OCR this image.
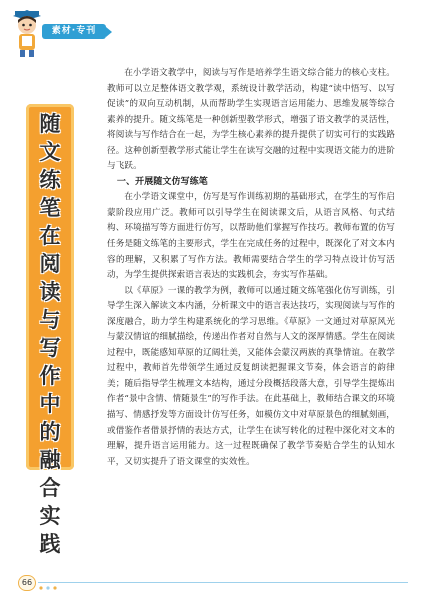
素材·专刊
随
文
练
笔
在
阅
读
与
写
作
中
的
融
合
实
践

在小学语文教学中，阅读与写作是培养学生语文综合能力的核心支柱。教师可以立足整体语文教学观，系统设计教学活动，构建“读中悟写、以写促读”的双向互动机制，从而帮助学生实现语言运用能力、思维发展等综合素养的提升。随文练笔是一种创新型教学形式，增强了语文教学的灵活性，将阅读与写作结合在一起，为学生核心素养的提升提供了切实可行的实践路径。这种创新型教学形式能让学生在读写交融的过程中实现语文能力的进阶与飞跃。

一、开展随文仿写练笔

在小学语文课堂中，仿写是写作训练初期的基础形式，在学生的写作启蒙阶段应用广泛。教师可以引导学生在阅读课文后，从语言风格、句式结构、环境描写等方面进行仿写，以帮助他们掌握写作技巧。教师布置的仿写任务是随文练笔的主要形式，学生在完成任务的过程中，既深化了对文本内容的理解，又积累了写作方法。教师需要结合学生的学习特点设计仿写活动，为学生提供探索语言表达的实践机会，夯实写作基础。

以《草原》一课的教学为例，教师可以通过随文练笔强化仿写训练，引导学生深入解读文本内涵，分析课文中的语言表达技巧，实现阅读与写作的深度融合，助力学生构建系统化的学习思维。《草原》一文通过对草原风光与蒙汉情谊的细腻描绘，传递出作者对自然与人文的深厚情感。学生在阅读过程中，既能感知草原的辽阔壮美，又能体会蒙汉两族的真挚情谊。在教学过程中，教师首先带领学生通过反复朗读把握课文节奏，体会语言的韵律美；随后指导学生梳理文本结构，通过分段概括段落大意，引导学生提炼出作者“景中含情、情随景生”的写作手法。在此基础上，教师结合课文的环境描写、情感抒发等方面设计仿写任务，如模仿文中对草原景色的细腻刻画，或借鉴作者借景抒情的表达方式，让学生在读写转化的过程中深化对文本的理解，提升语言运用能力。这一过程既确保了教学节奏贴合学生的认知水平，又切实提升了语文课堂的实效性。

66
